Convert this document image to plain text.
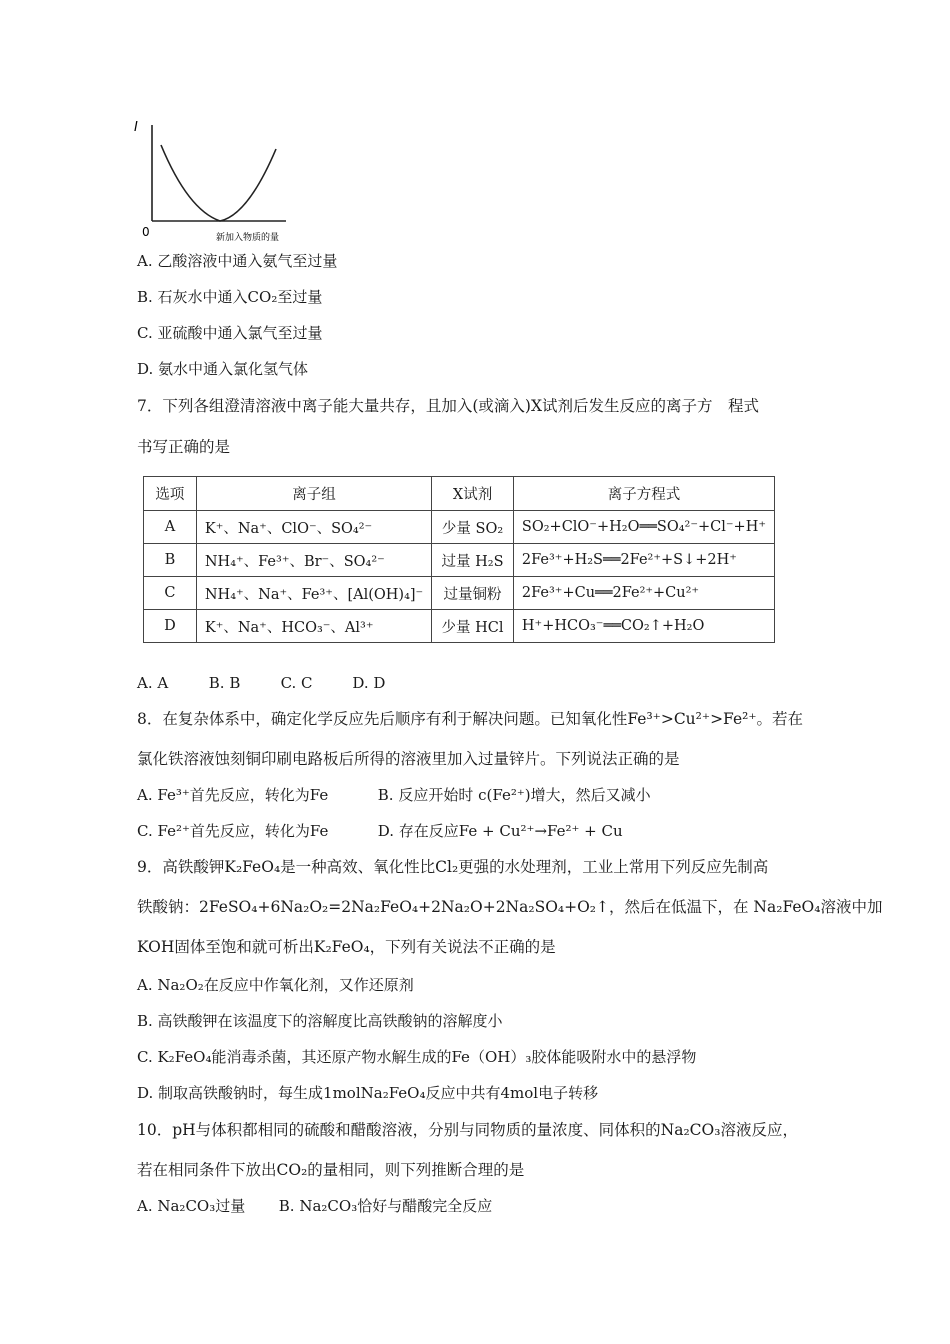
I
0	新加入物质的量
A. 乙酸溶液中通入氨气至过量
B. 石灰水中通入CO₂至过量
C. 亚硫酸中通入氯气至过量
D. 氨水中通入氯化氢气体
7．下列各组澄清溶液中离子能大量共存，且加入(或滴入)X试剂后发生反应的离子方　程式
书写正确的是
选项	离子组	X试剂	离子方程式
A	K⁺、Na⁺、ClO⁻、SO₄²⁻	少量 SO₂	SO₂+ClO⁻+H₂O══SO₄²⁻+Cl⁻+H⁺
B	NH₄⁺、Fe³⁺、Br⁻、SO₄²⁻	过量 H₂S	2Fe³⁺+H₂S══2Fe²⁺+S↓+2H⁺
C	NH₄⁺、Na⁺、Fe³⁺、[Al(OH)₄]⁻	过量铜粉	2Fe³⁺+Cu══2Fe²⁺+Cu²⁺
D	K⁺、Na⁺、HCO₃⁻、Al³⁺	少量 HCl	H⁺+HCO₃⁻══CO₂↑+H₂O
A. A	B. B	C. C	D. D
8．在复杂体系中，确定化学反应先后顺序有利于解决问题。已知氧化性Fe³⁺>Cu²⁺>Fe²⁺。若在
氯化铁溶液蚀刻铜印刷电路板后所得的溶液里加入过量锌片。下列说法正确的是
A. Fe³⁺首先反应，转化为Fe	B. 反应开始时 c(Fe²⁺)增大，然后又减小
C. Fe²⁺首先反应，转化为Fe	D. 存在反应Fe + Cu²⁺→Fe²⁺ + Cu
9．高铁酸钾K₂FeO₄是一种高效、氧化性比Cl₂更强的水处理剂，工业上常用下列反应先制高
铁酸钠：2FeSO₄+6Na₂O₂=2Na₂FeO₄+2Na₂O+2Na₂SO₄+O₂↑，然后在低温下，在 Na₂FeO₄溶液中加
KOH固体至饱和就可析出K₂FeO₄，下列有关说法不正确的是
A. Na₂O₂在反应中作氧化剂，又作还原剂
B. 高铁酸钾在该温度下的溶解度比高铁酸钠的溶解度小
C. K₂FeO₄能消毒杀菌，其还原产物水解生成的Fe（OH）₃胶体能吸附水中的悬浮物
D. 制取高铁酸钠时，每生成1molNa₂FeO₄反应中共有4mol电子转移
10．pH与体积都相同的硫酸和醋酸溶液，分别与同物质的量浓度、同体积的Na₂CO₃溶液反应，
若在相同条件下放出CO₂的量相同，则下列推断合理的是
A. Na₂CO₃过量 B. Na₂CO₃恰好与醋酸完全反应
